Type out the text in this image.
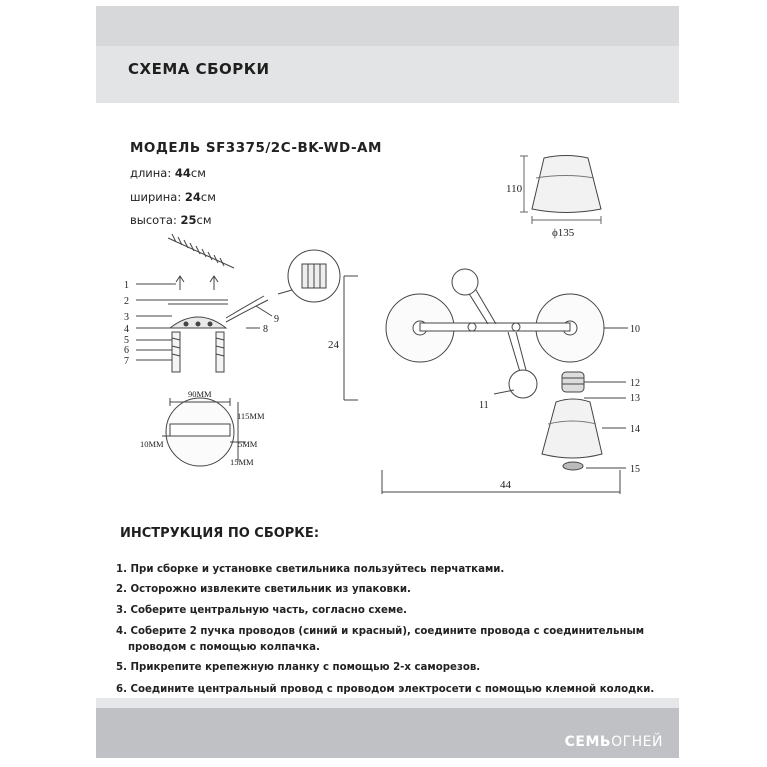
СХЕМА СБОРКИ
МОДЕЛЬ SF3375/2C-BK-WD-AM
длина: 44см
ширина: 24см
высота: 25см
110
ϕ135
1
2
3
4
5
6
7
8
9
90MM
115MM
10MM	5MM
15MM
24
44
10
11
12
13
14
15
ИНСТРУКЦИЯ ПО СБОРКЕ:
1. При сборке и установке светильника пользуйтесь перчатками.
2. Осторожно извлеките светильник из упаковки.
3. Соберите центральную часть, согласно схеме.
4. Соберите 2 пучка проводов (синий и красный), соедините провода с соединительным
проводом с помощью колпачка.
5. Прикрепите крепежную планку с помощью 2-х саморезов.
6. Соедините центральный провод с проводом электросети с помощью клемной колодки.
СЕМЬОГНЕЙ
